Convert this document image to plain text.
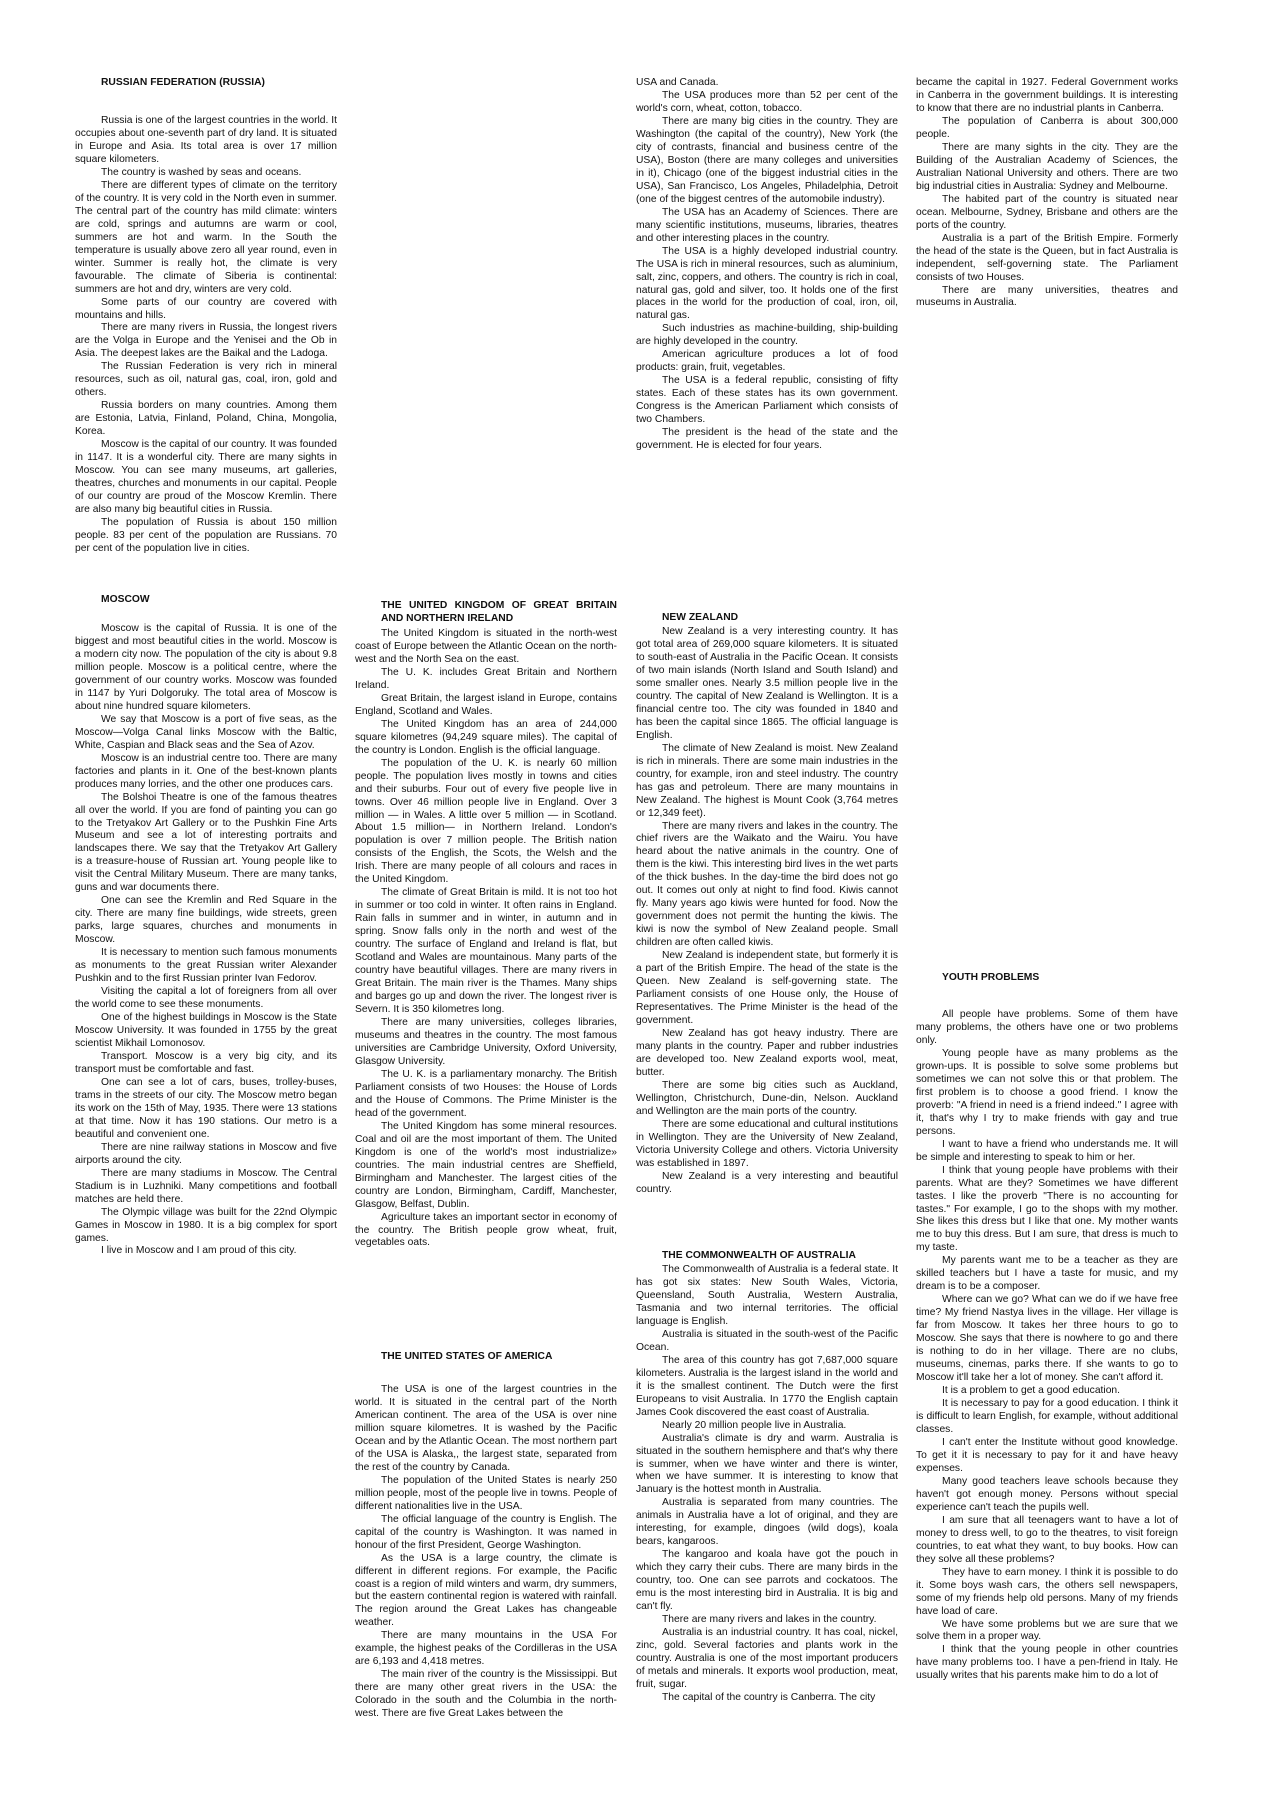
RUSSIAN FEDERATION (RUSSIA)

Russia is one of the largest countries in the world. It occupies about one-seventh part of dry land. It is situated in Europe and Asia. Its total area is over 17 million square kilometers.

The country is washed by seas and oceans.

There are different types of climate on the territory of the country. It is very cold in the North even in summer. The central part of the country has mild climate: winters are cold, springs and autumns are warm or cool, summers are hot and warm. In the South the temperature is usually above zero all year round, even in winter. Summer is really hot, the climate is very favourable. The climate of Siberia is continental: summers are hot and dry, winters are very cold.

Some parts of our country are covered with mountains and hills.

There are many rivers in Russia, the longest rivers are the Volga in Europe and the Yenisei and the Ob in Asia. The deepest lakes are the Baikal and the Ladoga.

The Russian Federation is very rich in mineral resources, such as oil, natural gas, coal, iron, gold and others.

Russia borders on many countries. Among them are Estonia, Latvia, Finland, Poland, China, Mongolia, Korea.

Moscow is the capital of our country. It was founded in 1147. It is a wonderful city. There are many sights in Moscow. You can see many museums, art galleries, theatres, churches and monuments in our capital. People of our country are proud of the Moscow Kremlin. There are also many big beautiful cities in Russia.

The population of Russia is about 150 million people. 83 per cent of the population are Russians. 70 per cent of the population live in cities.

MOSCOW

Moscow is the capital of Russia. It is one of the biggest and most beautiful cities in the world. Moscow is a modern city now. The population of the city is about 9.8 million people. Moscow is a political centre, where the government of our country works. Moscow was founded in 1147 by Yuri Dolgoruky. The total area of Moscow is about nine hundred square kilometers.

We say that Moscow is a port of five seas, as the Moscow—Volga Canal links Moscow with the Baltic, White, Caspian and Black seas and the Sea of Azov.

Moscow is an industrial centre too. There are many factories and plants in it. One of the best-known plants produces many lorries, and the other one produces cars.

The Bolshoi Theatre is one of the famous theatres all over the world. If you are fond of painting you can go to the Tretyakov Art Gallery or to the Pushkin Fine Arts Museum and see a lot of interesting portraits and landscapes there. We say that the Tretyakov Art Gallery is a treasure-house of Russian art. Young people like to visit the Central Military Museum. There are many tanks, guns and war documents there.

One can see the Kremlin and Red Square in the city. There are many fine buildings, wide streets, green parks, large squares, churches and monuments in Moscow.

It is necessary to mention such famous monuments as monuments to the great Russian writer Alexander Pushkin and to the first Russian printer Ivan Fedorov.

Visiting the capital a lot of foreigners from all over the world come to see these monuments.

One of the highest buildings in Moscow is the State Moscow University. It was founded in 1755 by the great scientist Mikhail Lomonosov.

Transport. Moscow is a very big city, and its transport must be comfortable and fast.

One can see a lot of cars, buses, trolley-buses, trams in the streets of our city. The Moscow metro began its work on the 15th of May, 1935. There were 13 stations at that time. Now it has 190 stations. Our metro is a beautiful and convenient one.

There are nine railway stations in Moscow and five airports around the city.

There are many stadiums in Moscow. The Central Stadium is in Luzhniki. Many competitions and football matches are held there.

The Olympic village was built for the 22nd Olympic Games in Moscow in 1980. It is a big complex for sport games.

I live in Moscow and I am proud of this city.

THE UNITED KINGDOM OF GREAT BRITAIN AND NORTHERN IRELAND

The United Kingdom is situated in the north-west coast of Europe between the Atlantic Ocean on the north-west and the North Sea on the east.

The U. K. includes Great Britain and Northern Ireland.

Great Britain, the largest island in Europe, contains England, Scotland and Wales.

The United Kingdom has an area of 244,000 square kilometres (94,249 square miles). The capital of the country is London. English is the official language.

The population of the U. K. is nearly 60 million people. The population lives mostly in towns and cities and their suburbs. Four out of every five people live in towns. Over 46 million people live in England. Over 3 million — in Wales. A little over 5 million — in Scotland. About 1.5 million— in Northern Ireland. London's population is over 7 million people. The British nation consists of the English, the Scots, the Welsh and the Irish. There are many people of all colours and races in the United Kingdom.

The climate of Great Britain is mild. It is not too hot in summer or too cold in winter. It often rains in England. Rain falls in summer and in winter, in autumn and in spring. Snow falls only in the north and west of the country. The surface of England and Ireland is flat, but Scotland and Wales are mountainous. Many parts of the country have beautiful villages. There are many rivers in Great Britain. The main river is the Thames. Many ships and barges go up and down the river. The longest river is Severn. It is 350 kilometres long.

There are many universities, colleges libraries, museums and theatres in the country. The most famous universities are Cambridge University, Oxford University, Glasgow University.

The U. K. is a parliamentary monarchy. The British Parliament consists of two Houses: the House of Lords and the House of Commons. The Prime Minister is the head of the government.

The United Kingdom has some mineral resources. Coal and oil are the most important of them. The United Kingdom is one of the world's most industrialize» countries. The main industrial centres are Sheffield, Birmingham and Manchester. The largest cities of the country are London, Birmingham, Cardiff, Manchester, Glasgow, Belfast, Dublin.

Agriculture takes an important sector in economy of the country. The British people grow wheat, fruit, vegetables oats.

THE UNITED STATES OF AMERICA

The USA is one of the largest countries in the world. It is situated in the central part of the North American continent. The area of the USA is over nine million square kilometres. It is washed by the Pacific Ocean and by the Atlantic Ocean. The most northern part of the USA is Alaska,, the largest state, separated from the rest of the country by Canada.

The population of the United States is nearly 250 million people, most of the people live in towns. People of different nationalities live in the USA.

The official language of the country is English. The capital of the country is Washington. It was named in honour of the first President, George Washington.

As the USA is a large country, the climate is different in different regions. For example, the Pacific coast is a region of mild winters and warm, dry summers, but the eastern continental region is watered with rainfall. The region around the Great Lakes has changeable weather.

There are many mountains in the USA For example, the highest peaks of the Cordilleras in the USA are 6,193 and 4,418 metres.

The main river of the country is the Mississippi. But there are many other great rivers in the USA: the Colorado in the south and the Columbia in the north-west. There are five Great Lakes between the

USA and Canada.

The USA produces more than 52 per cent of the world's corn, wheat, cotton, tobacco.

There are many big cities in the country. They are Washington (the capital of the country), New York (the city of contrasts, financial and business centre of the USA), Boston (there are many colleges and universities in it), Chicago (one of the biggest industrial cities in the USA), San Francisco, Los Angeles, Philadelphia, Detroit (one of the biggest centres of the automobile industry).

The USA has an Academy of Sciences. There are many scientific institutions, museums, libraries, theatres and other interesting places in the country.

The USA is a highly developed industrial country. The USA is rich in mineral resources, such as aluminium, salt, zinc, coppers, and others. The country is rich in coal, natural gas, gold and silver, too. It holds one of the first places in the world for the production of coal, iron, oil, natural gas.

Such industries as machine-building, ship-building are highly developed in the country.

American agriculture produces a lot of food products: grain, fruit, vegetables.

The USA is a federal republic, consisting of fifty states. Each of these states has its own government. Congress is the American Parliament which consists of two Chambers.

The president is the head of the state and the government. He is elected for four years.

NEW ZEALAND

New Zealand is a very interesting country. It has got total area of 269,000 square kilometers. It is situated to south-east of Australia in the Pacific Ocean. It consists of two main islands (North Island and South Island) and some smaller ones. Nearly 3.5 million people live in the country. The capital of New Zealand is Wellington. It is a financial centre too. The city was founded in 1840 and has been the capital since 1865. The official language is English.

The climate of New Zealand is moist. New Zealand is rich in minerals. There are some main industries in the country, for example, iron and steel industry. The country has gas and petroleum. There are many mountains in New Zealand. The highest is Mount Cook (3,764 metres or 12,349 feet).

There are many rivers and lakes in the country. The chief rivers are the Waikato and the Wairu. You have heard about the native animals in the country. One of them is the kiwi. This interesting bird lives in the wet parts of the thick bushes. In the day-time the bird does not go out. It comes out only at night to find food. Kiwis cannot fly. Many years ago kiwis were hunted for food. Now the government does not permit the hunting the kiwis. The kiwi is now the symbol of New Zealand people. Small children are often called kiwis.

New Zealand is independent state, but formerly it is a part of the British Empire. The head of the state is the Queen. New Zealand is self-governing state. The Parliament consists of one House only, the House of Representatives. The Prime Minister is the head of the government.

New Zealand has got heavy industry. There are many plants in the country. Paper and rubber industries are developed too. New Zealand exports wool, meat, butter.

There are some big cities such as Auckland, Wellington, Christchurch, Dune-din, Nelson. Auckland and Wellington are the main ports of the country.

There are some educational and cultural institutions in Wellington. They are the University of New Zealand, Victoria University College and others. Victoria University was established in 1897.

New Zealand is a very interesting and beautiful country.

THE COMMONWEALTH OF AUSTRALIA

The Commonwealth of Australia is a federal state. It has got six states: New South Wales, Victoria, Queensland, South Australia, Western Australia, Tasmania and two internal territories. The official language is English.

Australia is situated in the south-west of the Pacific Ocean.

The area of this country has got 7,687,000 square kilometers. Australia is the largest island in the world and it is the smallest continent. The Dutch were the first Europeans to visit Australia. In 1770 the English captain James Cook discovered the east coast of Australia.

Nearly 20 million people live in Australia.

Australia's climate is dry and warm. Australia is situated in the southern hemisphere and that's why there is summer, when we have winter and there is winter, when we have summer. It is interesting to know that January is the hottest month in Australia.

Australia is separated from many countries. The animals in Australia have a lot of original, and they are interesting, for example, dingoes (wild dogs), koala bears, kangaroos.

The kangaroo and koala have got the pouch in which they carry their cubs. There are many birds in the country, too. One can see parrots and cockatoos. The emu is the most interesting bird in Australia. It is big and can't fly.

There are many rivers and lakes in the country.

Australia is an industrial country. It has coal, nickel, zinc, gold. Several factories and plants work in the country. Australia is one of the most important producers of metals and minerals. It exports wool production, meat, fruit, sugar.

The capital of the country is Canberra. The city

became the capital in 1927. Federal Government works in Canberra in the government buildings. It is interesting to know that there are no industrial plants in Canberra.

The population of Canberra is about 300,000 people.

There are many sights in the city. They are the Building of the Australian Academy of Sciences, the Australian National University and others. There are two big industrial cities in Australia: Sydney and Melbourne.

The habited part of the country is situated near ocean. Melbourne, Sydney, Brisbane and others are the ports of the country.

Australia is a part of the British Empire. Formerly the head of the state is the Queen, but in fact Australia is independent, self-governing state. The Parliament consists of two Houses.

There are many universities, theatres and museums in Australia.

YOUTH PROBLEMS

All people have problems. Some of them have many problems, the others have one or two problems only.

Young people have as many problems as the grown-ups. It is possible to solve some problems but sometimes we can not solve this or that problem. The first problem is to choose a good friend. I know the proverb: "A friend in need is a friend indeed." I agree with it, that's why I try to make friends with gay and true persons.

I want to have a friend who understands me. It will be simple and interesting to speak to him or her.

I think that young people have problems with their parents. What are they? Sometimes we have different tastes. I like the proverb "There is no accounting for tastes." For example, I go to the shops with my mother. She likes this dress but I like that one. My mother wants me to buy this dress. But I am sure, that dress is much to my taste.

My parents want me to be a teacher as they are skilled teachers but I have a taste for music, and my dream is to be a composer.

Where can we go? What can we do if we have free time? My friend Nastya lives in the village. Her village is far from Moscow. It takes her three hours to go to Moscow. She says that there is nowhere to go and there is nothing to do in her village. There are no clubs, museums, cinemas, parks there. If she wants to go to Moscow it'll take her a lot of money. She can't afford it.

It is a problem to get a good education.

It is necessary to pay for a good education. I think it is difficult to learn English, for example, without additional classes.

I can't enter the Institute without good knowledge. To get it it is necessary to pay for it and have heavy expenses.

Many good teachers leave schools because they haven't got enough money. Persons without special experience can't teach the pupils well.

I am sure that all teenagers want to have a lot of money to dress well, to go to the theatres, to visit foreign countries, to eat what they want, to buy books. How can they solve all these problems?

They have to earn money. I think it is possible to do it. Some boys wash cars, the others sell newspapers, some of my friends help old persons. Many of my friends have load of care.

We have some problems but we are sure that we solve them in a proper way.

I think that the young people in other countries have many problems too. I have a pen-friend in Italy. He usually writes that his parents make him to do a lot of
